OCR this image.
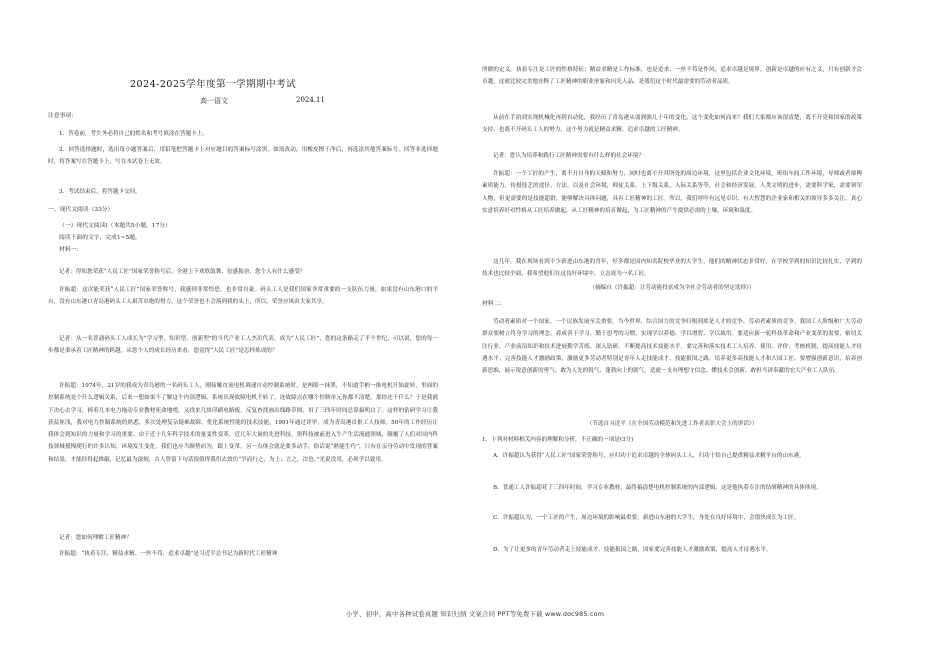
2024-2025学年度第一学期期中考试
高一语文	2024.11
注意事项：

1．答卷前，考生务必将自己的姓名和考号填涂在答题卡上。

2．回答选择题时，选出每小题答案后，用铅笔把答题卡上对应题目的答案标号涂黑。如需改动，用橡皮擦干净后，再选涂其他答案标号。回答非选择题时，将答案写在答题卡上，写在本试卷上无效。

3．考试结束后，将答题卡交回。

一、现代文阅读（33分）
（一）现代文阅读Ⅰ（本题共5小题，17分）
阅读下面的文字，完成1~5题。
材料一：

记者：得知您荣获“人民工匠”国家荣誉称号后，全港上下欢欣鼓舞、倍感振奋，您个人有什么感受？

许振超：这次能荣获“人民工匠”国家荣誉称号，我感到非常惶恐，也非常自豪。码头工人是我们国家非常重要的一支队伍力量，如果没有山东港口的平台，没有山东港口青岛港码头工人艰苦卓绝的努力，这个荣誉也不会落到我的头上，所以，荣誉应该由大家共享。

记者：从一名普通码头工人成长为“学习型、知识型、创新型”的当代产业工人杰出代表，成为“人民工匠”，您的这条路走了半个世纪，可以说，您的每一步都是秉承着工匠精神的跨越。从您个人的成长经历来看，您觉得“人民工匠”是怎样炼成的？

许振超：1974年，21岁的我成为青岛港的一名码头工人，刚接触直流电机调速自动控制系统时，是两眼一抹黑，不知道手柄一推电机开始旋转，里面的控制系统是个什么逻辑关系，后来一想如果不了解这个内部逻辑，系统出现故障电机不转了，连故障点在哪个控制单元你都不清楚，那你还干什么？于是我就下决心去学习，捧着几本电力拖动专业教材死命地啃，又找来几块印刷电路板，反复查找画出线路草图，用了三四年时间总算搞明白了。这样的钻研学习让我获益匪浅，我对电力控制系统的熟悉，多次处理复杂疑难故障，优化系统性能的技术技能，1991年通过评审，成为青岛港首批工人技师。50年的工作经历让我体会到知识的力量和学习的重要。由于近十几年科学技术的量变性变革，近几年大量的先进科技，黑科技被前进入生产生活流通领域，颠覆了人们对国内科技领域援慢爬行的许多认知，环境发生变化，我们也应当顺势而为，跟上变革。另一点体会就是要多动手，俗话说“熟能生巧”，只有在亲身劳动中发现的答案和结果，才能经得起推敲，记忆最为深刻，古人曾留下句话很值得我们去效仿“学而行之，为上；言之，次也。”光说没用，必须学以致用。

记者：您如何理解工匠精神？

许振超：“执着专注、精益求精、一丝不苟、追求卓越”是习近平总书记为新时代工匠精神

所做的定义。执着专注是工匠的性格特征；精益求精是工作标准，也是追求；一丝不苟是作风；追求卓越是境界，创新是卓越的应有之义，只有创新才会卓越，这就比较完美地诠释了工匠精神的职业形象和闪光人品，是我们这个时代最需要的劳动者品质。

从前在手拍到实现机械化再到自动化，我经历了青岛港从弱到强几十年的变化，这个变化如何而来？我们大家都应该很清楚，离不开党和国家的政策支持，也离不开码头工人的努力，这个努力就是精益求精、追求卓越的工匠精神。

记者：您认为培养和践行工匠精神需要有什么样的社会环境？

许振超：一个工匠的产生，离不开自身的天赋和努力，同时也离不开其所处的周边环境，这里包括企业文化环境，班组车间工作环境，导师或者师傅素质能力，传授技艺的途径、方法，以及社会环境，师徒关系，上下级关系，人际关系等等，社会和经济发展，人类文明的进步，需要科学家，需要领军人物，但更需要的是技能超群，能够解决具体问题，具有工匠精神的工匠。所以，我们呼吁有远见卓识、有大智慧的企业家和相关的领导多多关注、真心实意培养好对性格从工匠培养做起，从工匠精神的培育做起，为工匠精神的产生提供必需的土壤，环境和温度。

这几年，我在现场看到不少新进山东港的青年，好多都是国内知名院校毕业的大学生，他们的精神状态非常好，在学校学到的知识比较扎实，学到的技术也比较全面，我希望他们在这良好环境中，立志成为一名工匠。

（摘编自《许振超：让劳动能投富成为全社会劳动者的坚定选择》）
材料二：

劳动者素质对一个国家、一个民族发展至关重要。当今世界，综合国力的竞争归根到底是人才的竞争、劳动者素质的竞争。我国工人阶级和广大劳动群众要树立终身学习的理念，养成善于学习、勤于思考的习惯，实现学以养德、学以增智、学以致用。要适应新一轮科技革命和产业变革的需要，密切关注行业、产业前沿知识和技术进展勤学苦练、深入钻研，不断提高技术技能水平。要完善和落实技术工人培养、使用、评价、考核机制，提高技能人才待遇水平；完善技能人才激励政策，激励更多劳动者特别是青年人走技能成才、技能报国之路，培养更多高技能人才和大国工匠。要增强创新意识，培养创新思维，展示锐意创新的勇气、敢为人先的锐气、蓬勃向上的朝气，造就一支有理想守信念、懂技术会创新、敢担当讲奉献的宏大产业工人队伍。

（节选自习近平《在全国劳动模范和先进工作者表彰大会上的讲话》）

1．下列对材料相关内容的理解和分析，不正确的一项是(3分)

A．许振超认为获得“人民工匠”国家荣誉称号，应归功于追求卓越的全体码头工人，归功于给自己提供精益求精平台的山东港。

B．普通工人许振超花了三四年时间，学习专业教材，最终搞清楚电机控制系统的内部逻辑，这是他执着专注的钻研精神的具体体现。

C．许振超认为，一个工匠的产生，周边环境的影响最重要，新进山东港的大学生，身处在良好环境中，会很快成长为工匠。

D．为了让更多的青年劳动者走上技能成才、技能报国之路，国家要完善技能人才激励政策，提高人才待遇水平。

小学、初中、高中各种试卷真题 知识归纳 文案合同 PPT等免费下载 www.doc985.com
